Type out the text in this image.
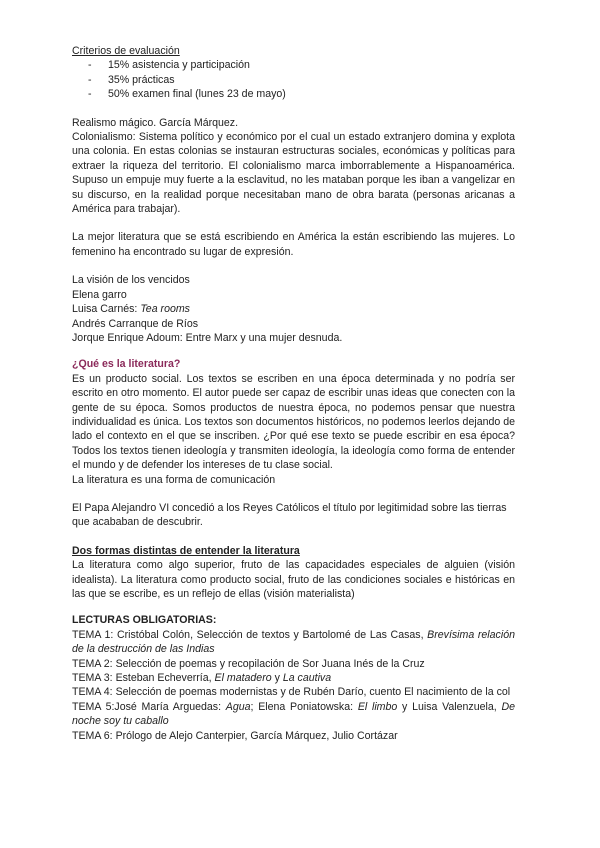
Criterios de evaluación

- 15% asistencia y participación
- 35% prácticas
- 50% examen final (lunes 23 de mayo)

Realismo mágico. García Márquez.

Colonialismo: Sistema político y económico por el cual un estado extranjero domina y explota una colonia. En estas colonias se instauran estructuras sociales, económicas y políticas para extraer la riqueza del territorio. El colonialismo marca imborrablemente a Hispanoamérica. Supuso un empuje muy fuerte a la esclavitud, no les mataban porque les iban a vangelizar en su discurso, en la realidad porque necesitaban mano de obra barata (personas aricanas a América para trabajar).

La mejor literatura que se está escribiendo en América la están escribiendo las mujeres. Lo femenino ha encontrado su lugar de expresión.

La visión de los vencidos

Elena garro

Luisa Carnés: Tea rooms

Andrés Carranque de Ríos

Jorque Enrique Adoum: Entre Marx y una mujer desnuda.

¿Qué es la literatura?

Es un producto social. Los textos se escriben en una época determinada y no podría ser escrito en otro momento. El autor puede ser capaz de escribir unas ideas que conecten con la gente de su época. Somos productos de nuestra época, no podemos pensar que nuestra individualidad es única. Los textos son documentos históricos, no podemos leerlos dejando de lado el contexto en el que se inscriben. ¿Por qué ese texto se puede escribir en esa época? Todos los textos tienen ideología y transmiten ideología, la ideología como forma de entender el mundo y de defender los intereses de tu clase social.

La literatura es una forma de comunicación

El Papa Alejandro VI concedió a los Reyes Católicos el título por legitimidad sobre las tierras que acababan de descubrir.

Dos formas distintas de entender la literatura

La literatura como algo superior, fruto de las capacidades especiales de alguien (visión idealista). La literatura como producto social, fruto de las condiciones sociales e históricas en las que se escribe, es un reflejo de ellas (visión materialista)

LECTURAS OBLIGATORIAS:

TEMA 1: Cristóbal Colón, Selección de textos y Bartolomé de Las Casas, Brevísima relación de la destrucción de las Indias

TEMA 2: Selección de poemas y recopilación de Sor Juana Inés de la Cruz

TEMA 3: Esteban Echeverría, El matadero y La cautiva

TEMA 4: Selección de poemas modernistas y de Rubén Darío, cuento El nacimiento de la col

TEMA 5:José María Arguedas: Agua; Elena Poniatowska: El limbo y Luisa Valenzuela, De noche soy tu caballo

TEMA 6: Prólogo de Alejo Canterpier, García Márquez, Julio Cortázar
